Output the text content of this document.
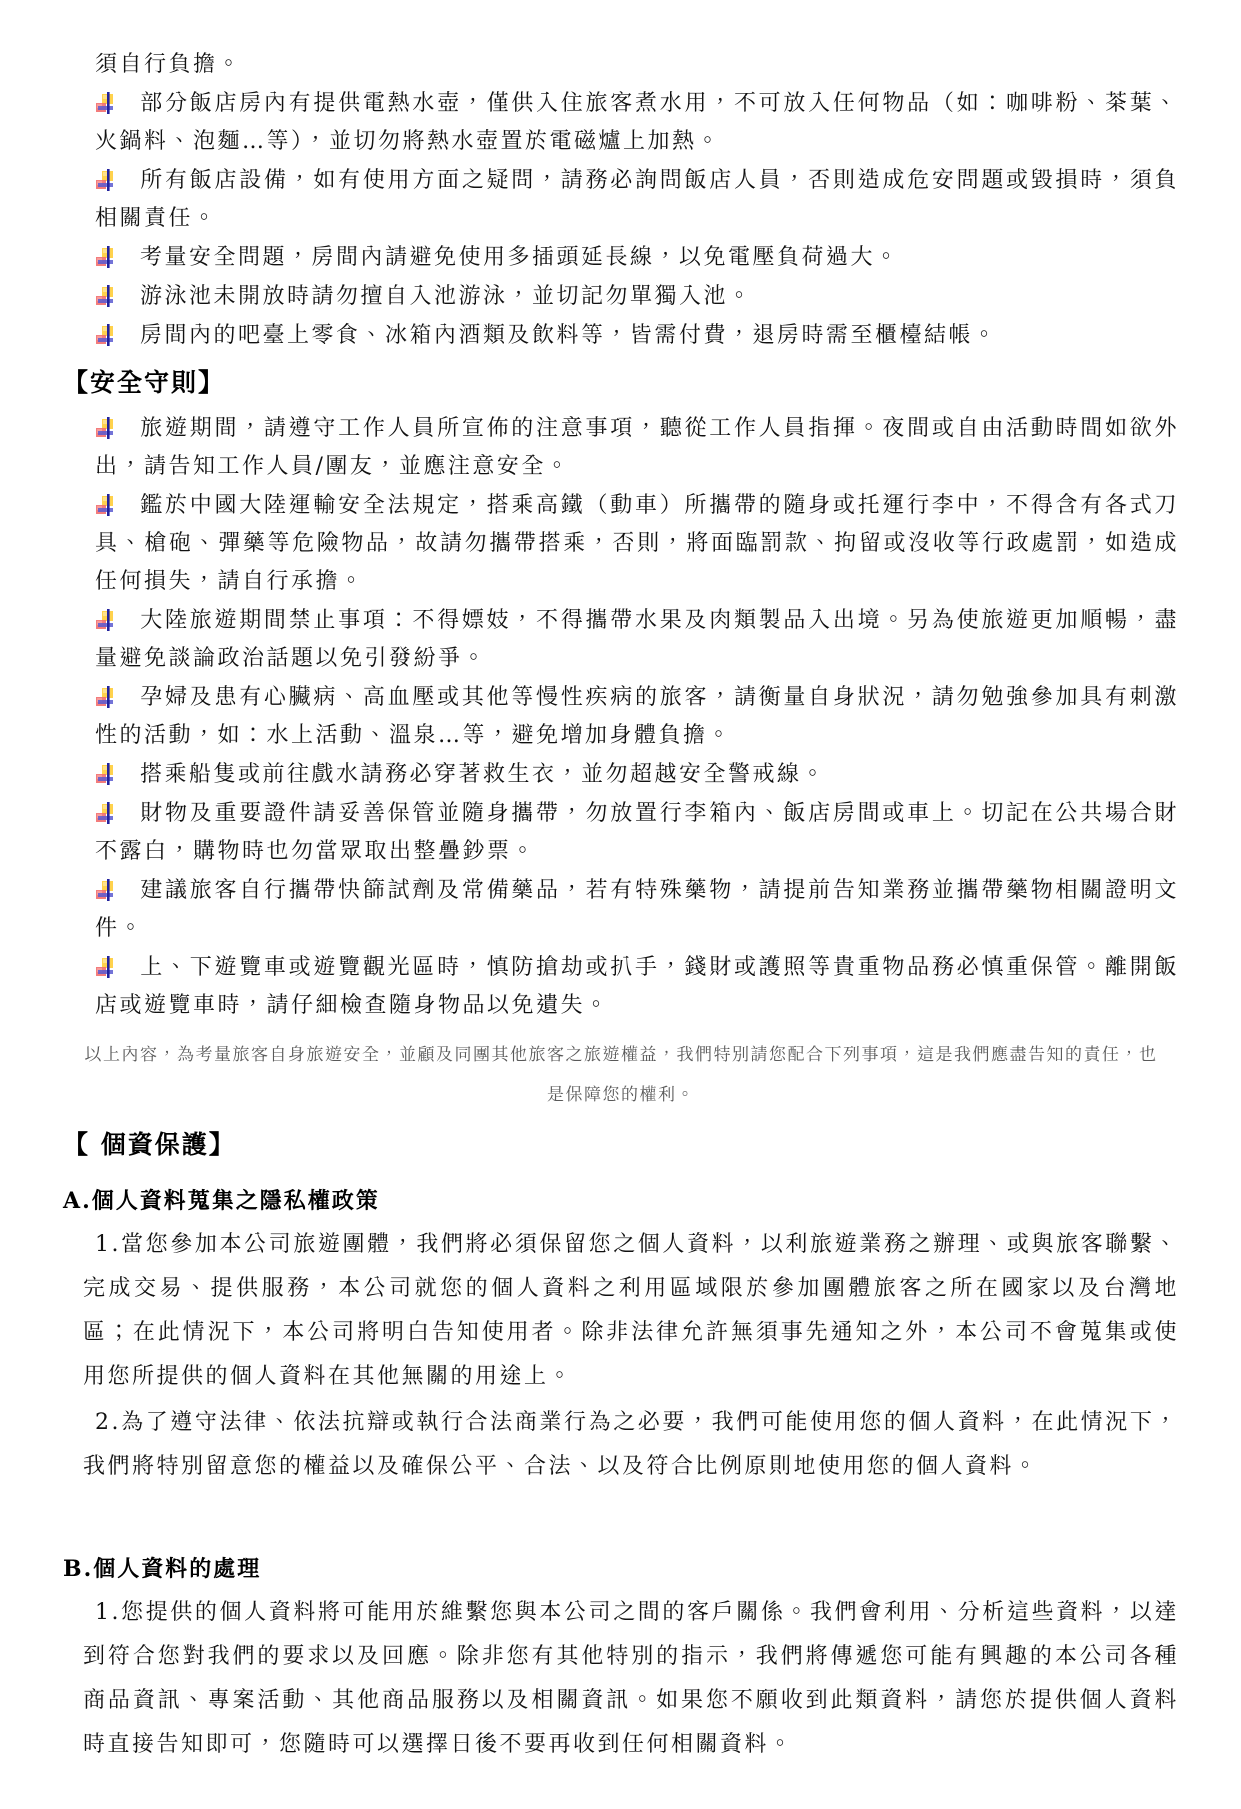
須自行負擔。

部分飯店房內有提供電熱水壺，僅供入住旅客煮水用，不可放入任何物品（如：咖啡粉、茶葉、火鍋料、泡麵…等），並切勿將熱水壺置於電磁爐上加熱。

所有飯店設備，如有使用方面之疑問，請務必詢問飯店人員，否則造成危安問題或毀損時，須負相關責任。

考量安全問題，房間內請避免使用多插頭延長線，以免電壓負荷過大。

游泳池未開放時請勿擅自入池游泳，並切記勿單獨入池。

房間內的吧臺上零食、冰箱內酒類及飲料等，皆需付費，退房時需至櫃檯結帳。

【安全守則】

旅遊期間，請遵守工作人員所宣佈的注意事項，聽從工作人員指揮。夜間或自由活動時間如欲外出，請告知工作人員/團友，並應注意安全。

鑑於中國大陸運輸安全法規定，搭乘高鐵（動車）所攜帶的隨身或托運行李中，不得含有各式刀具、槍砲、彈藥等危險物品，故請勿攜帶搭乘，否則，將面臨罰款、拘留或沒收等行政處罰，如造成任何損失，請自行承擔。

大陸旅遊期間禁止事項：不得嫖妓，不得攜帶水果及肉類製品入出境。另為使旅遊更加順暢，盡量避免談論政治話題以免引發紛爭。

孕婦及患有心臟病、高血壓或其他等慢性疾病的旅客，請衡量自身狀況，請勿勉強參加具有刺激性的活動，如：水上活動、溫泉…等，避免增加身體負擔。

搭乘船隻或前往戲水請務必穿著救生衣，並勿超越安全警戒線。

財物及重要證件請妥善保管並隨身攜帶，勿放置行李箱內、飯店房間或車上。切記在公共場合財不露白，購物時也勿當眾取出整疊鈔票。

建議旅客自行攜帶快篩試劑及常備藥品，若有特殊藥物，請提前告知業務並攜帶藥物相關證明文件。

上、下遊覽車或遊覽觀光區時，慎防搶劫或扒手，錢財或護照等貴重物品務必慎重保管。離開飯店或遊覽車時，請仔細檢查隨身物品以免遺失。

以上內容，為考量旅客自身旅遊安全，並顧及同團其他旅客之旅遊權益，我們特別請您配合下列事項，這是我們應盡告知的責任，也是保障您的權利。

【 個資保護】
A.個人資料蒐集之隱私權政策

1.當您參加本公司旅遊團體，我們將必須保留您之個人資料，以利旅遊業務之辦理、或與旅客聯繫、完成交易、提供服務，本公司就您的個人資料之利用區域限於參加團體旅客之所在國家以及台灣地區；在此情況下，本公司將明白告知使用者。除非法律允許無須事先通知之外，本公司不會蒐集或使用您所提供的個人資料在其他無關的用途上。

2.為了遵守法律、依法抗辯或執行合法商業行為之必要，我們可能使用您的個人資料，在此情況下，我們將特別留意您的權益以及確保公平、合法、以及符合比例原則地使用您的個人資料。

B.個人資料的處理

1.您提供的個人資料將可能用於維繫您與本公司之間的客戶關係。我們會利用、分析這些資料，以達到符合您對我們的要求以及回應。除非您有其他特別的指示，我們將傳遞您可能有興趣的本公司各種商品資訊、專案活動、其他商品服務以及相關資訊。如果您不願收到此類資料，請您於提供個人資料時直接告知即可，您隨時可以選擇日後不要再收到任何相關資料。
